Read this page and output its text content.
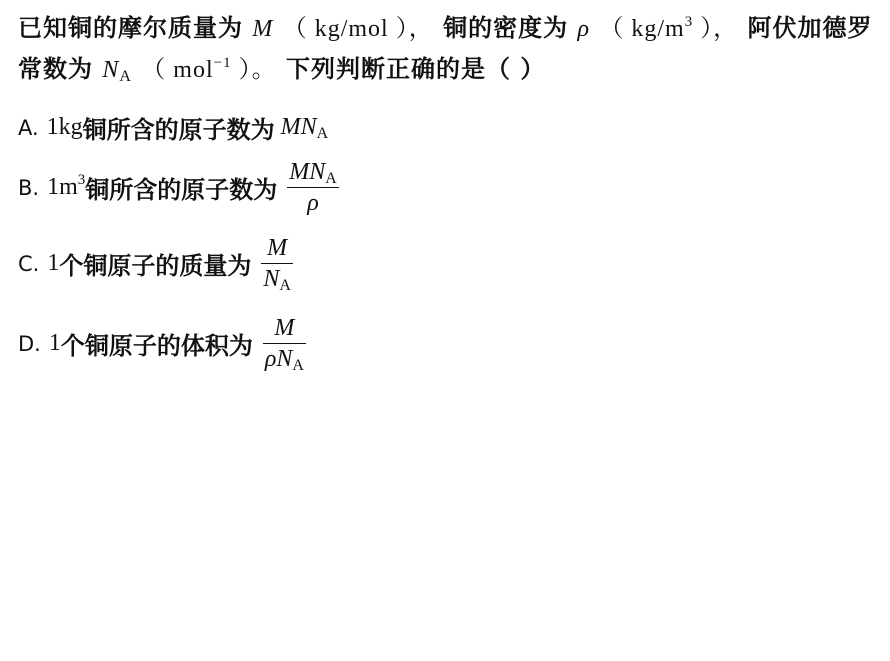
已知铜的摩尔质量为 M （ kg/mol ）， 铜的密度为 ρ （ $kg/m^3$ ）， 阿伏加德罗常数为 $N_A$ （ mol$^{-1}$ ）。 下列判断正确的是（ ）
A. 1kg 铜所含的原子数为 $MN_A$
B. $1m^3$ 铜所含的原子数为 $\frac{MN_A}{\rho}$
C. 1 个铜原子的质量为 $\frac{M}{N_A}$
D. 1 个铜原子的体积为 $\frac{M}{\rho N_A}$
